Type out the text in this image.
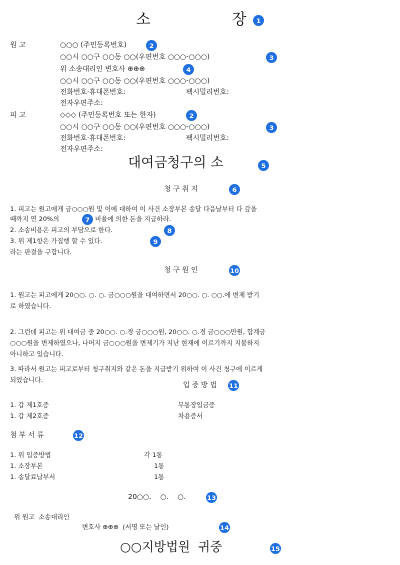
소	장	1
원 고	○○○ (주민등록번호)	2
○○시 ○○구 ○○동 ○○(우편번호 ○○○-○○○)	3
위 소송대리인 변호사 ⊕⊕⊕	4
○○시 ○○구 ○○동 ○○(우편번호 ○○○-○○○)
전화번호·휴대폰번호:	팩시밀리번호:
전자우편주소:
피 고	◇◇◇ (주민등록번호 또는 한자)	2
○○시 ○○구 ○○동 ○○(우편번호 ○○○-○○○)	3
전화번호·휴대폰번호:	팩시밀리번호:
전자우편주소:
대여금청구의 소	5
청 구 취 지	6
1. 피고는 원고에게 금○○○원 및 이에 대하여 이 사건 소장부본 송달 다음날부터 다 갚을
때까지 연 20%의	7 비율에 의한 돈을 지급하라.
2. 소송비용은 피고의 부담으로 한다.	8
3. 위 제1항은 가집행 할 수 있다.	9
라는 판결을 구합니다.
청 구 원 인	10
1. 원고는 피고에게 20○○. ○. ○. 금○○○원을 대여하면서 20○○. ○. ○○.에 변제 받기
로 하였습니다.
2. 그런데 피고는 위 대여금 중 20○○. ○.경 금○○○원, 20○○. ○.경 금○○○만원, 합계금
○○○원을 변제하였으나, 나머지 금○○○원을 변제기가 지난 현재에 이르기까지 지불하지
아니하고 있습니다.
3. 따라서 원고는 피고로부터 청구취지와 같은 돈을 지급받기 위하여 이 사건 청구에 이르게
되었습니다.
입 증 방 법 11
1. 갑 제1호증	무통장입금증
1. 갑 제2호증	차용증서
첨 부 서 류	12
1. 위 입증방법	각 1통
1. 소장부본	1통
1. 송달료납부서	1통
20○○.    ○.    ○.	13
위 원고  소송대리인
변호사 ⊕⊕⊕  (서명 또는 날인)	14
○○지방법원  귀중	15
